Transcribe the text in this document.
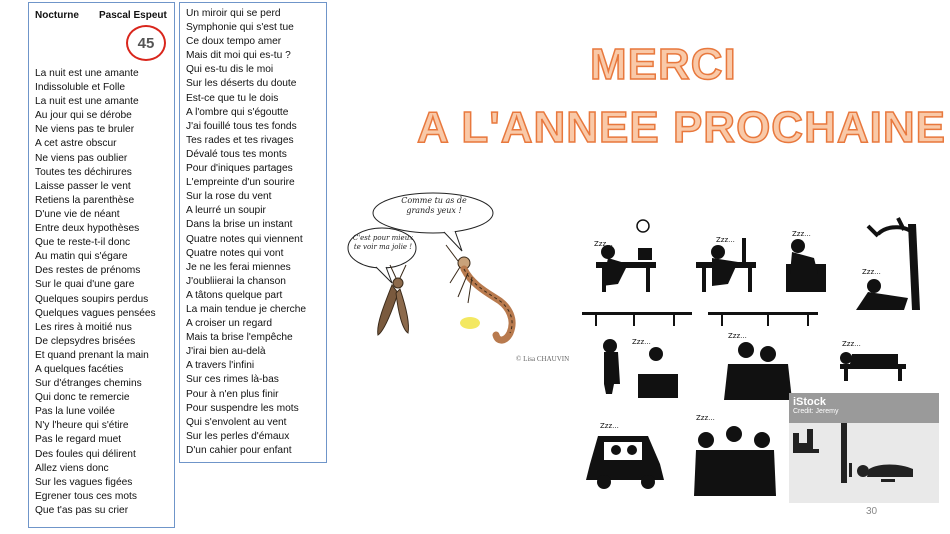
Nocturne Pascal Espeut
45
La nuit est une amante
Indissoluble et Folle
La nuit est une amante
Au jour qui se dérobe
Ne viens pas te bruler
A cet astre obscur
Ne viens pas oublier
Toutes tes déchirures
Laisse passer le vent
Retiens la parenthèse
D'une vie de néant
Entre deux hypothèses
Que te reste-t-il donc
Au matin qui s'égare
Des restes de prénoms
Sur le quai d'une gare
Quelques soupirs perdus
Quelques vagues pensées
Les rires à moitié nus
De clepsydres brisées
Et quand prenant la main
A quelques facéties
Sur d'étranges chemins
Qui donc te remercie
Pas la lune voilée
N'y l'heure qui s'étire
Pas le regard muet
Des foules qui délirent
Allez viens donc
Sur les vagues figées
Egrener tous ces mots
Que t'as pas su crier
Un miroir qui se perd
Symphonie qui s'est tue
Ce doux tempo amer
Mais dit moi qui es-tu ?
Qui es-tu dis le moi
Sur les déserts du doute
Est-ce que tu le dois
A l'ombre qui s'égoutte
J'ai fouillé tous tes fonds
Tes rades et tes rivages
Dévalé tous tes monts
Pour d'iniques partages
L'empreinte d'un sourire
Sur la rose du vent
A leurré un soupir
Dans la brise un instant
Quatre notes qui viennent
Quatre notes qui vont
Je ne les ferai miennes
J'oubliierai la chanson
A tâtons quelque part
La main tendue je cherche
A croiser un regard
Mais ta brise l'empêche
J'irai bien au-delà
A travers l'infini
Sur ces rimes là-bas
Pour à n'en plus finir
Pour suspendre les mots
Qui s'envolent au vent
Sur les perles d'émaux
D'un cahier pour enfant
MERCI
A L'ANNEE PROCHAINE
Comme tu as de grands yeux !
C'est pour mieux te voir ma jolie !
© Lisa CHAUVIN
Zzz...	Zzz...
Zzz...
Zzz...
Zzz...
Zzz...
Zzz...
Zzz...
Zzz...
iStock
Credit: Jeremy
30
